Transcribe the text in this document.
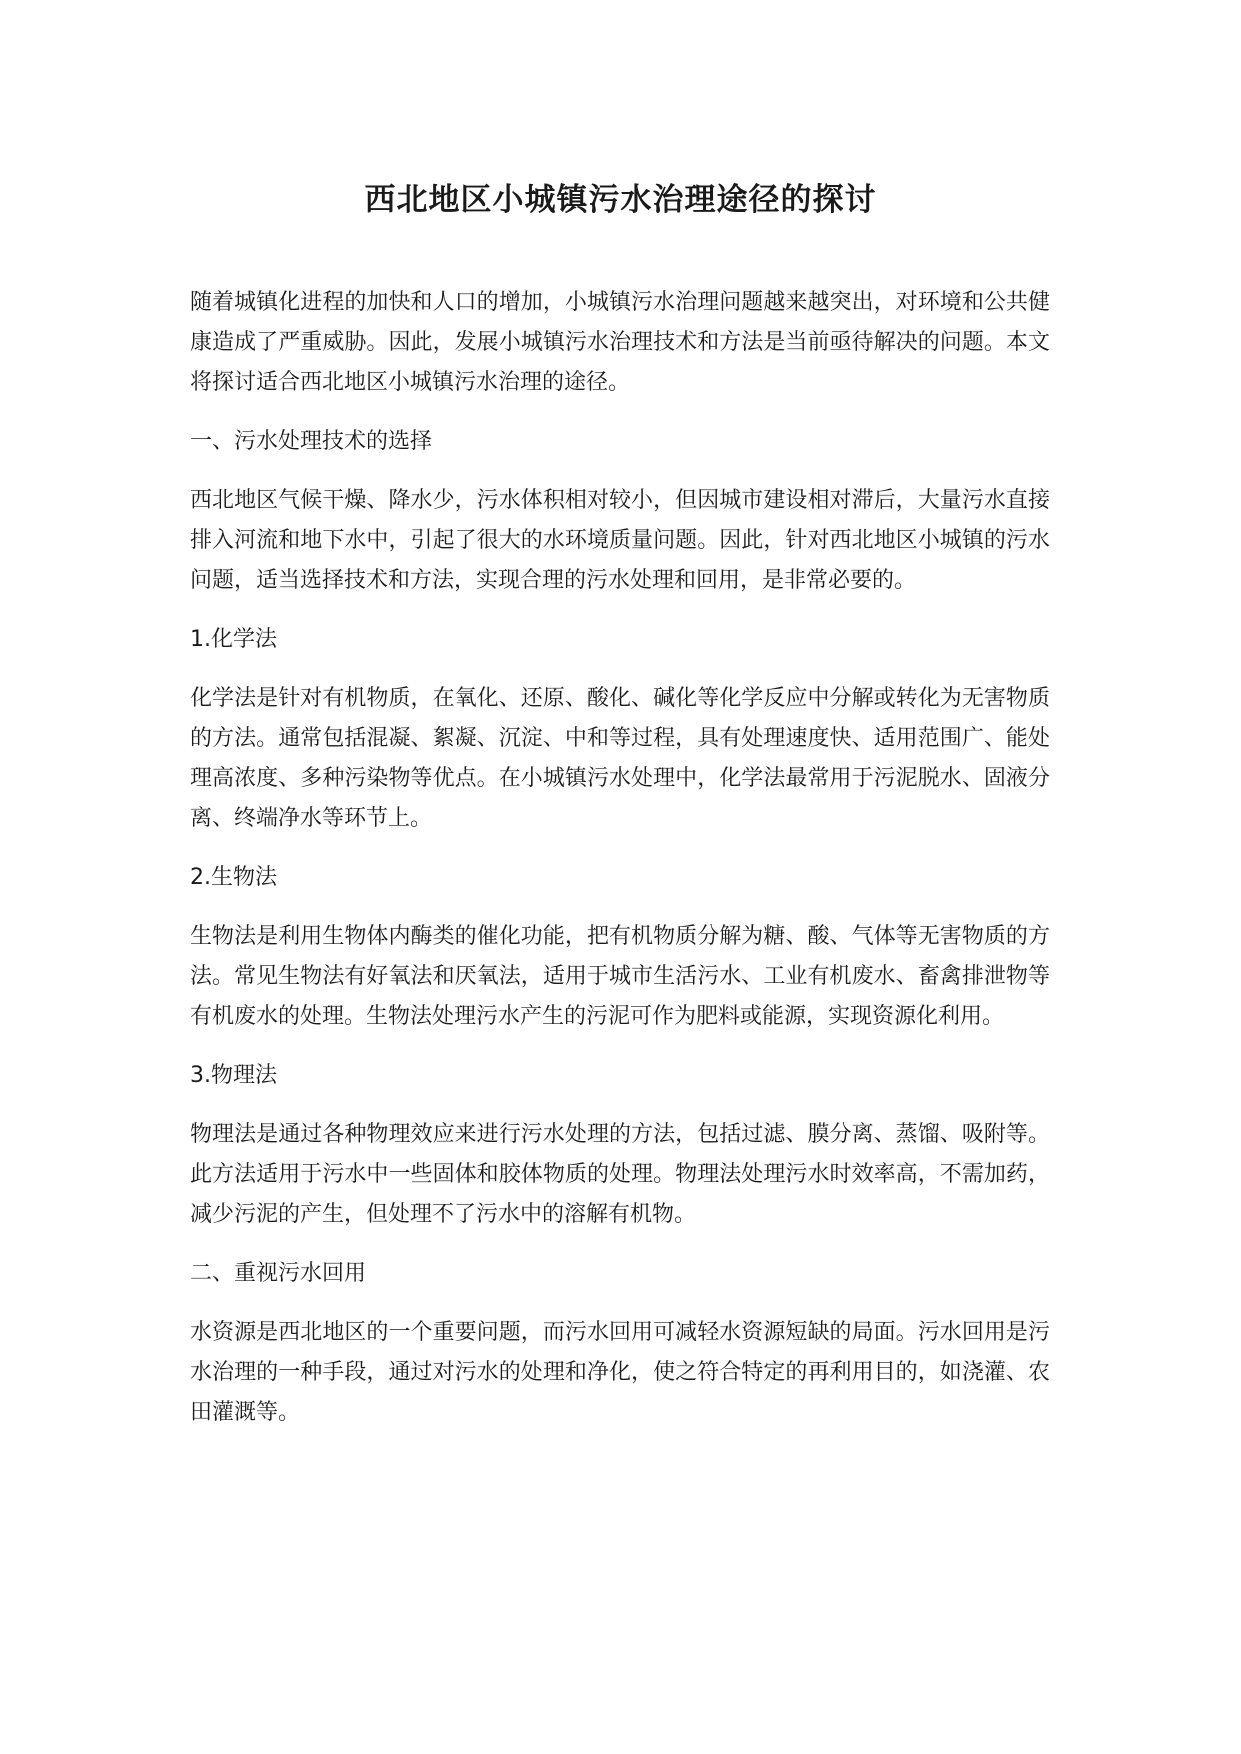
西北地区小城镇污水治理途径的探讨

随着城镇化进程的加快和人口的增加，小城镇污水治理问题越来越突出，对环境和公共健康造成了严重威胁。因此，发展小城镇污水治理技术和方法是当前亟待解决的问题。本文将探讨适合西北地区小城镇污水治理的途径。

一、污水处理技术的选择

西北地区气候干燥、降水少，污水体积相对较小，但因城市建设相对滞后，大量污水直接排入河流和地下水中，引起了很大的水环境质量问题。因此，针对西北地区小城镇的污水问题，适当选择技术和方法，实现合理的污水处理和回用，是非常必要的。

1.化学法

化学法是针对有机物质，在氧化、还原、酸化、碱化等化学反应中分解或转化为无害物质的方法。通常包括混凝、絮凝、沉淀、中和等过程，具有处理速度快、适用范围广、能处理高浓度、多种污染物等优点。在小城镇污水处理中，化学法最常用于污泥脱水、固液分离、终端净水等环节上。

2.生物法

生物法是利用生物体内酶类的催化功能，把有机物质分解为糖、酸、气体等无害物质的方法。常见生物法有好氧法和厌氧法，适用于城市生活污水、工业有机废水、畜禽排泄物等有机废水的处理。生物法处理污水产生的污泥可作为肥料或能源，实现资源化利用。

3.物理法

物理法是通过各种物理效应来进行污水处理的方法，包括过滤、膜分离、蒸馏、吸附等。此方法适用于污水中一些固体和胶体物质的处理。物理法处理污水时效率高，不需加药，减少污泥的产生，但处理不了污水中的溶解有机物。

二、重视污水回用

水资源是西北地区的一个重要问题，而污水回用可减轻水资源短缺的局面。污水回用是污水治理的一种手段，通过对污水的处理和净化，使之符合特定的再利用目的，如浇灌、农田灌溉等。
